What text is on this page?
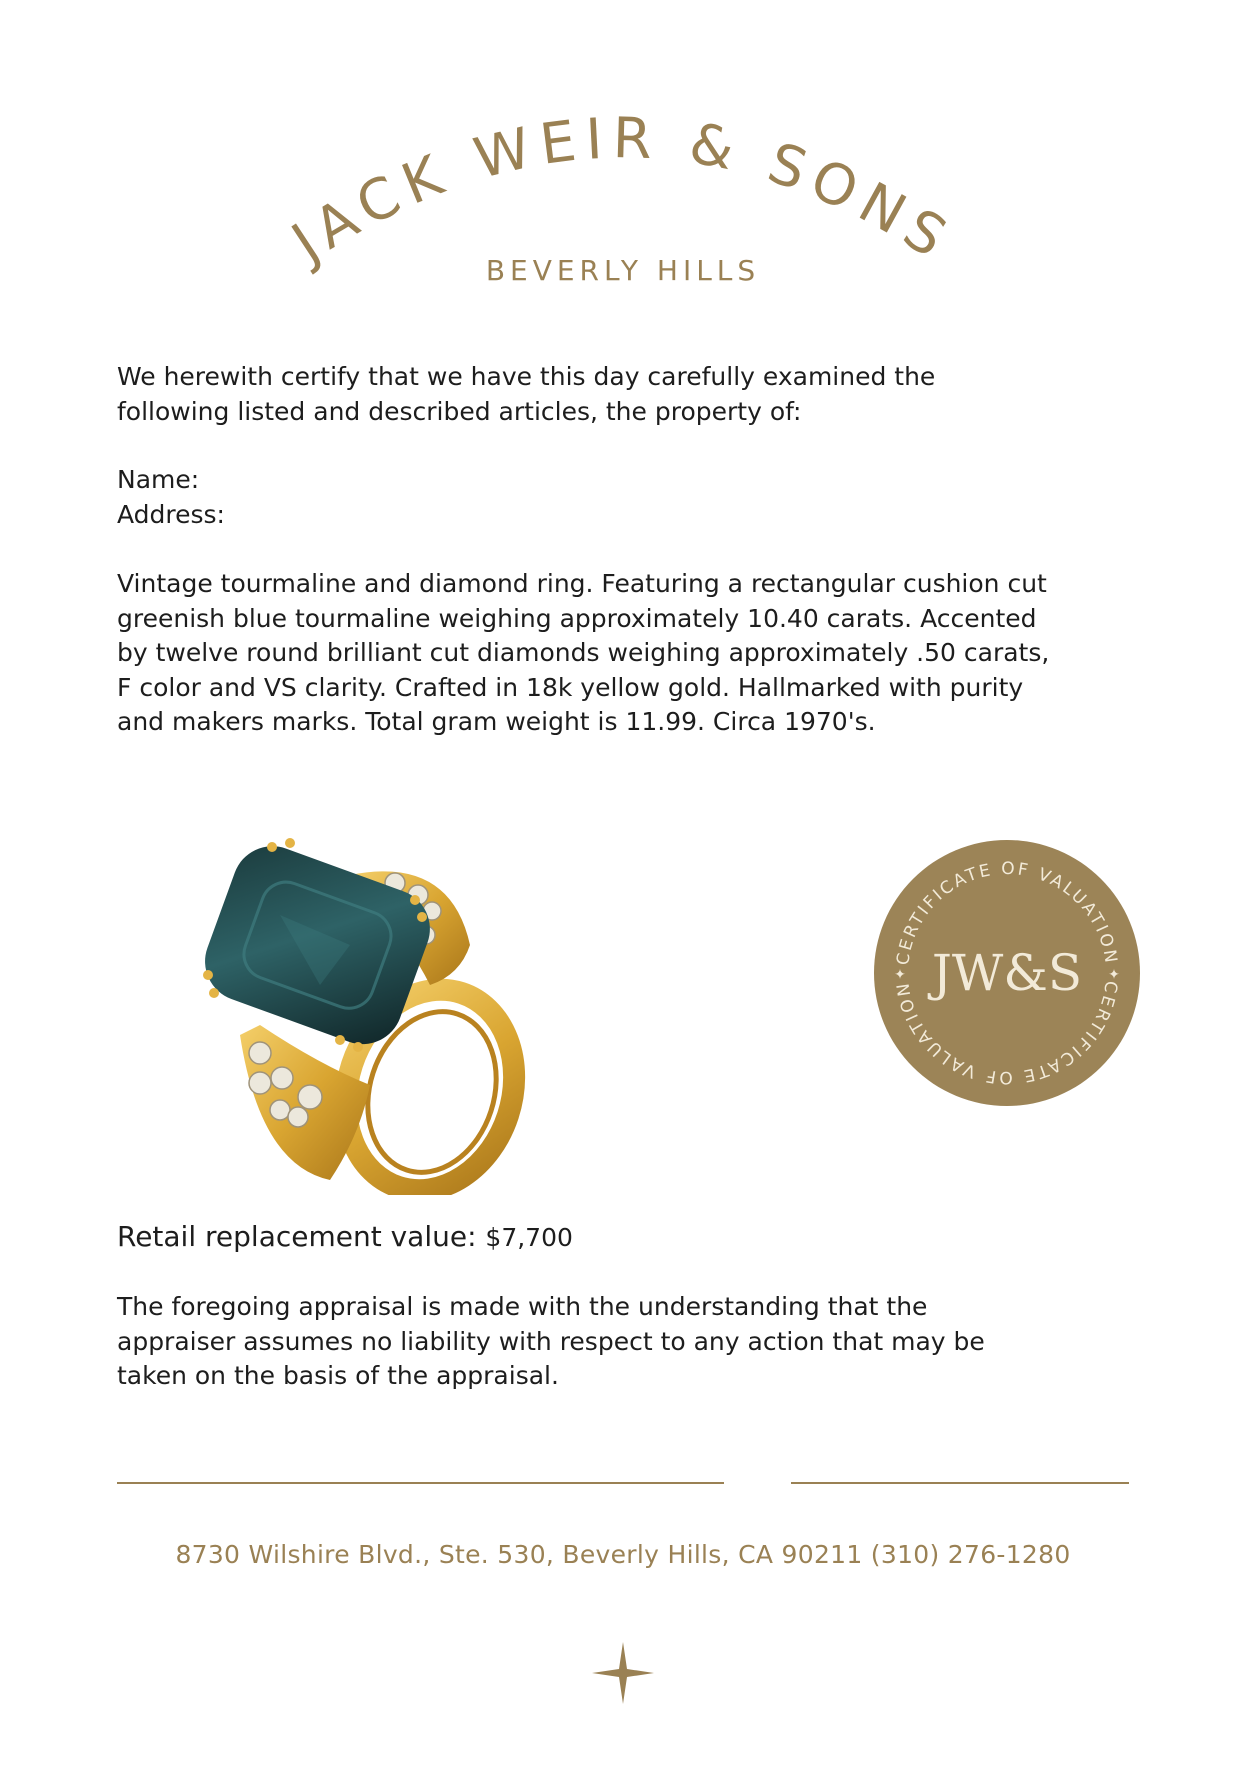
JACK WEIR & SONS
BEVERLY HILLS
We herewith certify that we have this day carefully examined the
following listed and described articles, the property of:
Name:
Address:
Vintage tourmaline and diamond ring. Featuring a rectangular cushion cut
greenish blue tourmaline weighing approximately 10.40 carats. Accented
by twelve round brilliant cut diamonds weighing approximately .50 carats,
F color and VS clarity. Crafted in 18k yellow gold. Hallmarked with purity
and makers marks. Total gram weight is 11.99. Circa 1970's.
CERTIFICATE OF VALUATION
CERTIFICATE OF VALUATION JW&S
✦	✦

Retail replacement value: $7,700

The foregoing appraisal is made with the understanding that the
appraiser assumes no liability with respect to any action that may be
taken on the basis of the appraisal.

8730 Wilshire Blvd., Ste. 530, Beverly Hills, CA 90211 (310) 276-1280
